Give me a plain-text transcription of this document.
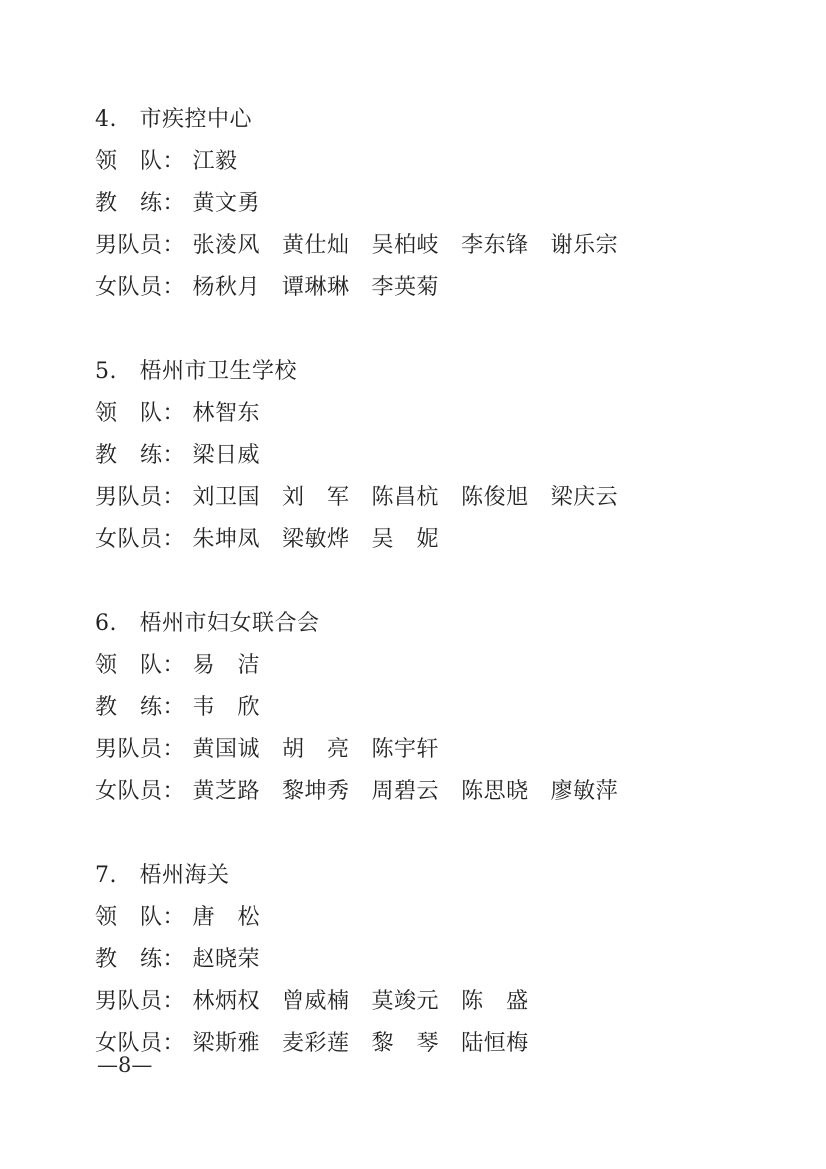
4. 市疾控中心
领　队： 江毅
教　练： 黄文勇
男队员： 张淩风 黄仕灿 吴柏岐 李东锋 谢乐宗
女队员： 杨秋月 谭琳琳 李英菊
5. 梧州市卫生学校
领　队： 林智东
教　练： 梁日威
男队员： 刘卫国 刘　军 陈昌杭 陈俊旭 梁庆云
女队员： 朱坤凤 梁敏烨 吴　妮
6. 梧州市妇女联合会
领　队： 易　洁
教　练： 韦　欣
男队员： 黄国诚 胡　亮 陈宇轩
女队员： 黄芝路 黎坤秀 周碧云 陈思晓 廖敏萍
7. 梧州海关
领　队： 唐　松
教　练： 赵晓荣
男队员： 林炳权 曾威楠 莫竣元 陈　盛
女队员： 梁斯雅 麦彩莲 黎　琴 陆恒梅
—8—
